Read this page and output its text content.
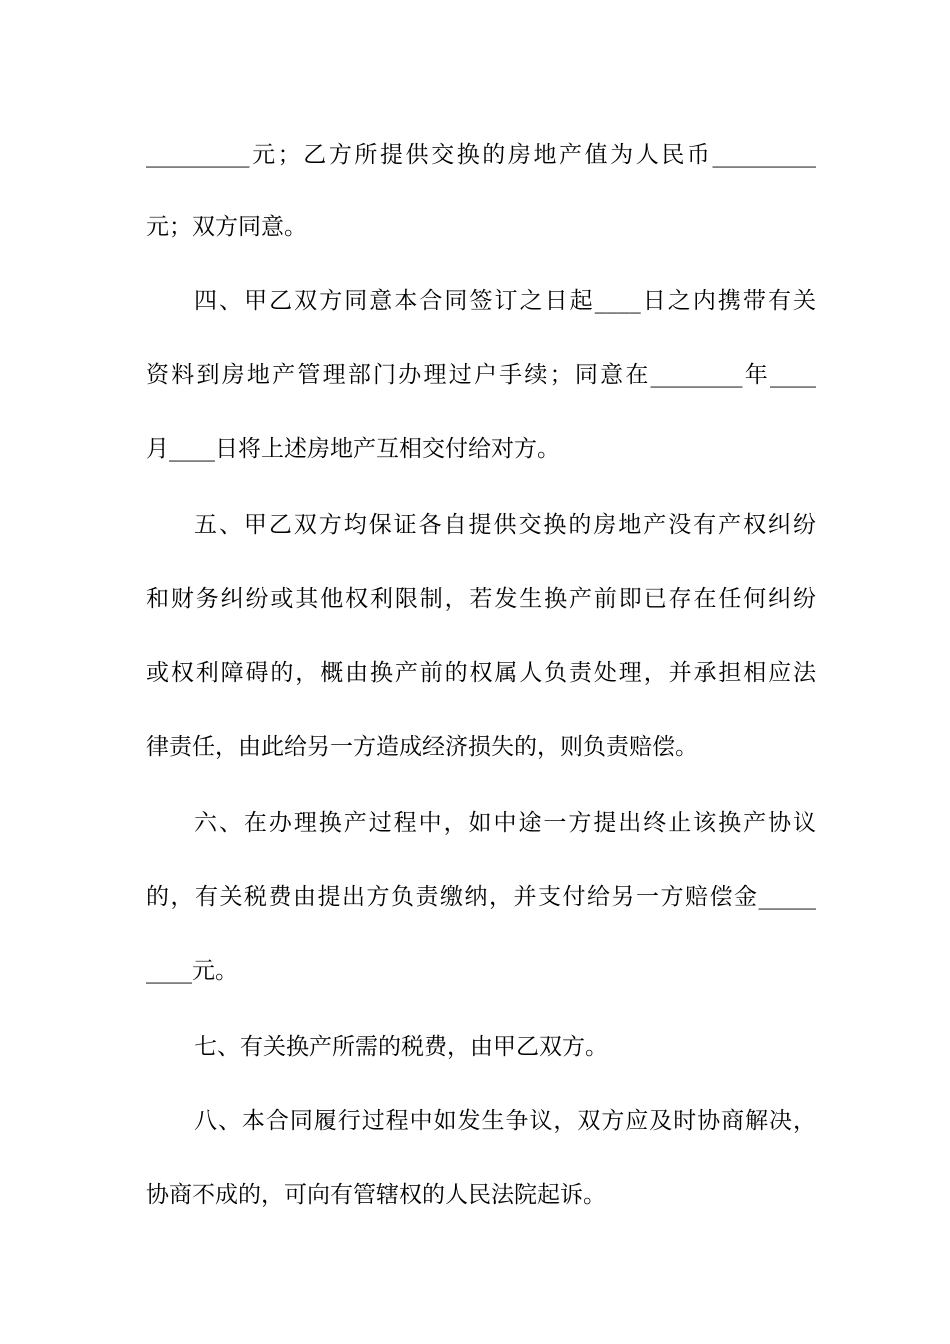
_________元；乙方所提供交换的房地产值为人民币_________
元；双方同意。
四、甲乙双方同意本合同签订之日起____日之内携带有关
资料到房地产管理部门办理过户手续；同意在________年____
月____日将上述房地产互相交付给对方。
五、甲乙双方均保证各自提供交换的房地产没有产权纠纷
和财务纠纷或其他权利限制，若发生换产前即已存在任何纠纷
或权利障碍的，概由换产前的权属人负责处理，并承担相应法
律责任，由此给另一方造成经济损失的，则负责赔偿。
六、在办理换产过程中，如中途一方提出终止该换产协议
的，有关税费由提出方负责缴纳，并支付给另一方赔偿金_____
____元。
七、有关换产所需的税费，由甲乙双方。
八、本合同履行过程中如发生争议，双方应及时协商解决，
协商不成的，可向有管辖权的人民法院起诉。
